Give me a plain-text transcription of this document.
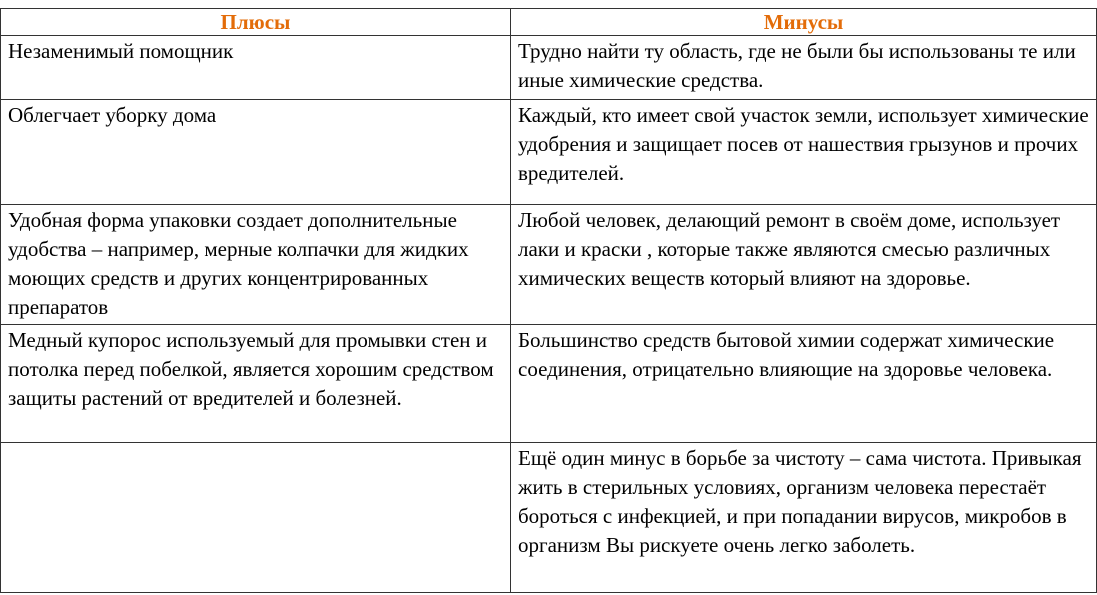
Плюсы	Минусы
Незаменимый помощник	Трудно найти ту область, где не были бы использованы те или иные химические средства.
Облегчает уборку дома	Каждый, кто имеет свой участок земли, использует химические удобрения и защищает посев от нашествия грызунов и прочих вредителей.
Удобная форма упаковки создает дополнительные удобства – например, мерные колпачки для жидких моющих средств и других концентрированных препаратов	Любой человек, делающий ремонт в своём доме, использует лаки и краски , которые также являются смесью различных химических веществ который влияют на здоровье.
Медный купорос используемый для промывки стен и потолка перед побелкой, является хорошим средством защиты растений от вредителей и болезней.	Большинство средств бытовой химии содержат химические соединения, отрицательно влияющие на здоровье человека.
	Ещё один минус в борьбе за чистоту – сама чистота. Привыкая жить в стерильных условиях, организм человека перестаёт бороться с инфекцией, и при попадании вирусов, микробов в организм Вы рискуете очень легко заболеть.
